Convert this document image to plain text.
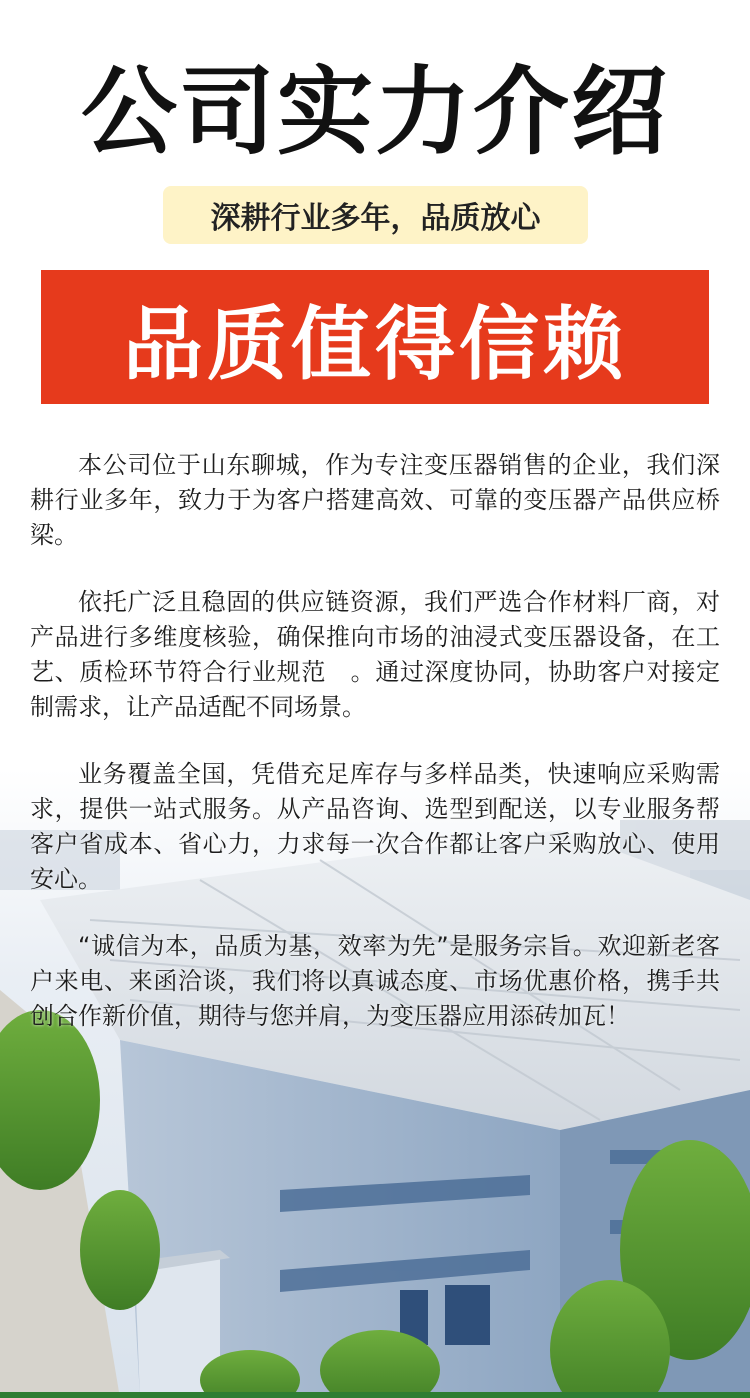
公司实力介绍
深耕行业多年，品质放心
品质值得信赖

本公司位于山东聊城，作为专注变压器销售的企业，我们深耕行业多年，致力于为客户搭建高效、可靠的变压器产品供应桥梁。

依托广泛且稳固的供应链资源，我们严选合作材料厂商，对产品进行多维度核验，确保推向市场的油浸式变压器设备，在工艺、质检环节符合行业规范　。通过深度协同，协助客户对接定制需求，让产品适配不同场景。

业务覆盖全国，凭借充足库存与多样品类，快速响应采购需求，提供一站式服务。从产品咨询、选型到配送，以专业服务帮客户省成本、省心力，力求每一次合作都让客户采购放心、使用安心。

“诚信为本，品质为基，效率为先”是服务宗旨。欢迎新老客户来电、来函洽谈，我们将以真诚态度、市场优惠价格，携手共创合作新价值，期待与您并肩，为变压器应用添砖加瓦！
